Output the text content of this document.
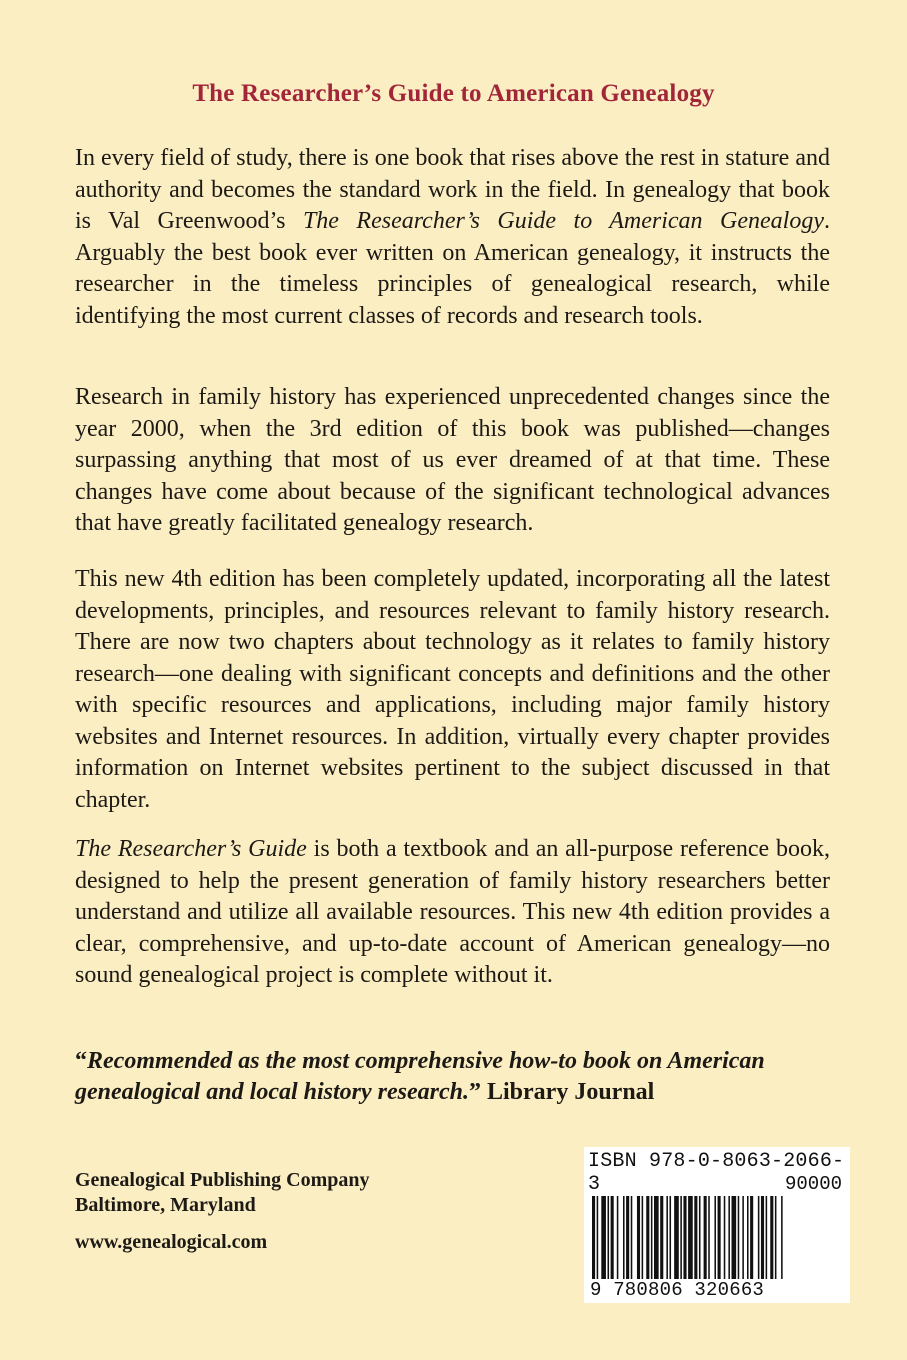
The Researcher’s Guide to American Genealogy
In every field of study, there is one book that rises above the rest in stature and authority and becomes the standard work in the field. In genealogy that book is Val Greenwood’s The Researcher’s Guide to American Genealogy. Arguably the best book ever written on American genealogy, it instructs the researcher in the timeless principles of genealogical research, while identifying the most current classes of records and research tools.
Research in family history has experienced unprecedented changes since the year 2000, when the 3rd edition of this book was published—changes surpassing anything that most of us ever dreamed of at that time. These changes have come about because of the significant technological advances that have greatly facilitated genealogy research.
This new 4th edition has been completely updated, incorporating all the latest developments, principles, and resources relevant to family history research. There are now two chapters about technology as it relates to family history research—one dealing with significant concepts and definitions and the other with specific resources and applications, including major family history websites and Internet resources. In addition, virtually every chapter provides information on Internet websites pertinent to the subject discussed in that chapter.
The Researcher’s Guide is both a textbook and an all-purpose reference book, designed to help the present generation of family history researchers better understand and utilize all available resources. This new 4th edition provides a clear, comprehensive, and up-to-date account of American genealogy—no sound genealogical project is complete without it.
“Recommended as the most comprehensive how-to book on American genealogical and local history research.” Library Journal
Genealogical Publishing Company
Baltimore, Maryland
www.genealogical.com
ISBN 978-0-8063-2066-3	90000
9 780806 320663
